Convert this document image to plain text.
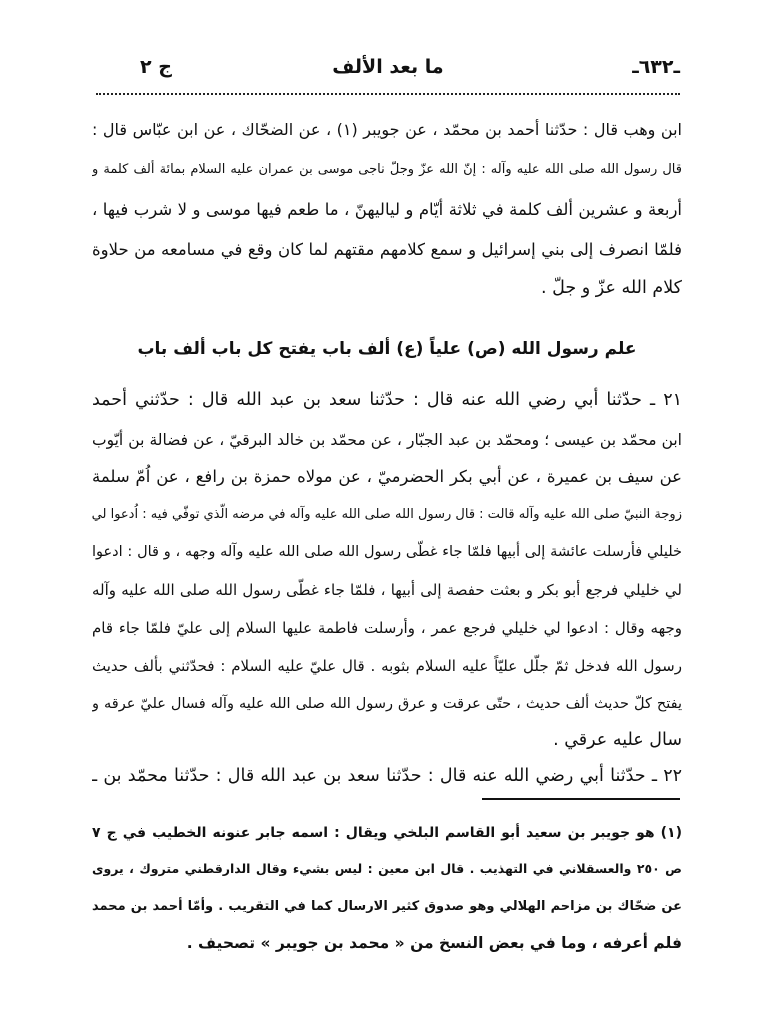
ـ٦٣٢ـ
ما بعد الألف
ج ٢
ابن وهب قال : حدّثنا أحمد بن محمّد ، عن جويبر (١) ، عن الضحّاك ، عن ابن عبّاس قال :
قال رسول الله صلى الله عليه وآله : إنّ الله عزّ وجلّ ناجى موسى بن عمران عليه السلام بمائة ألف كلمة و
أربعة و عشرين ألف كلمة في ثلاثة أيّام و لياليهنّ ، ما طعم فيها موسى و لا شرب فيها ،
فلمّا انصرف إلى بني إسرائيل و سمع كلامهم مقتهم لما كان وقع في مسامعه من حلاوة
كلام الله عزّ و جلّ .
علم رسول الله (ص) علياً (ع) ألف باب يفتح كل باب ألف باب
٢١ ـ حدّثنا أبي رضي الله عنه قال : حدّثنا سعد بن عبد الله قال : حدّثني أحمد
ابن محمّد بن عيسى ؛ ومحمّد بن عبد الجبّار ، عن محمّد بن خالد البرقيّ ، عن فضالة بن أيّوب
عن سيف بن عميرة ، عن أبي بكر الحضرميّ ، عن مولاه حمزة بن رافع ، عن اُمّ سلمة
زوجة النبيّ صلى الله عليه وآله قالت : قال رسول الله صلى الله عليه وآله في مرضه الّذي توفّي فيه : اُدعوا لي
خليلي فأرسلت عائشة إلى أبيها فلمّا جاء غطّى رسول الله صلى الله عليه وآله وجهه ، و قال : ادعوا
لي خليلي فرجع أبو بكر و بعثت حفصة إلى أبيها ، فلمّا جاء غطّى رسول الله صلى الله عليه وآله
وجهه وقال : ادعوا لي خليلي فرجع عمر ، وأرسلت فاطمة عليها السلام إلى عليّ فلمّا جاء قام
رسول الله فدخل ثمّ جلّل عليّاً عليه السلام بثوبه . قال عليّ عليه السلام : فحدّثني بألف حديث
يفتح كلّ حديث ألف حديث ، حتّى عرقت و عرق رسول الله صلى الله عليه وآله فسال عليّ عرقه و
سال عليه عرقي .
٢٢ ـ حدّثنا أبي رضي الله عنه قال : حدّثنا سعد بن عبد الله قال : حدّثنا محمّد بن ـ
(١) هو جويبر بن سعيد أبو القاسم البلخي ويقال : اسمه جابر عنونه الخطيب في ج ٧
ص ٢٥٠ والعسقلاني في التهذيب . قال ابن معين : ليس بشيء وقال الدارقطني متروك ، يروى
عن ضحّاك بن مزاحم الهلالي وهو صدوق كثير الارسال كما في التقريب . وأمّا أحمد بن محمد
فلم أعرفه ، وما في بعض النسخ من « محمد بن جويبر » تصحيف .
